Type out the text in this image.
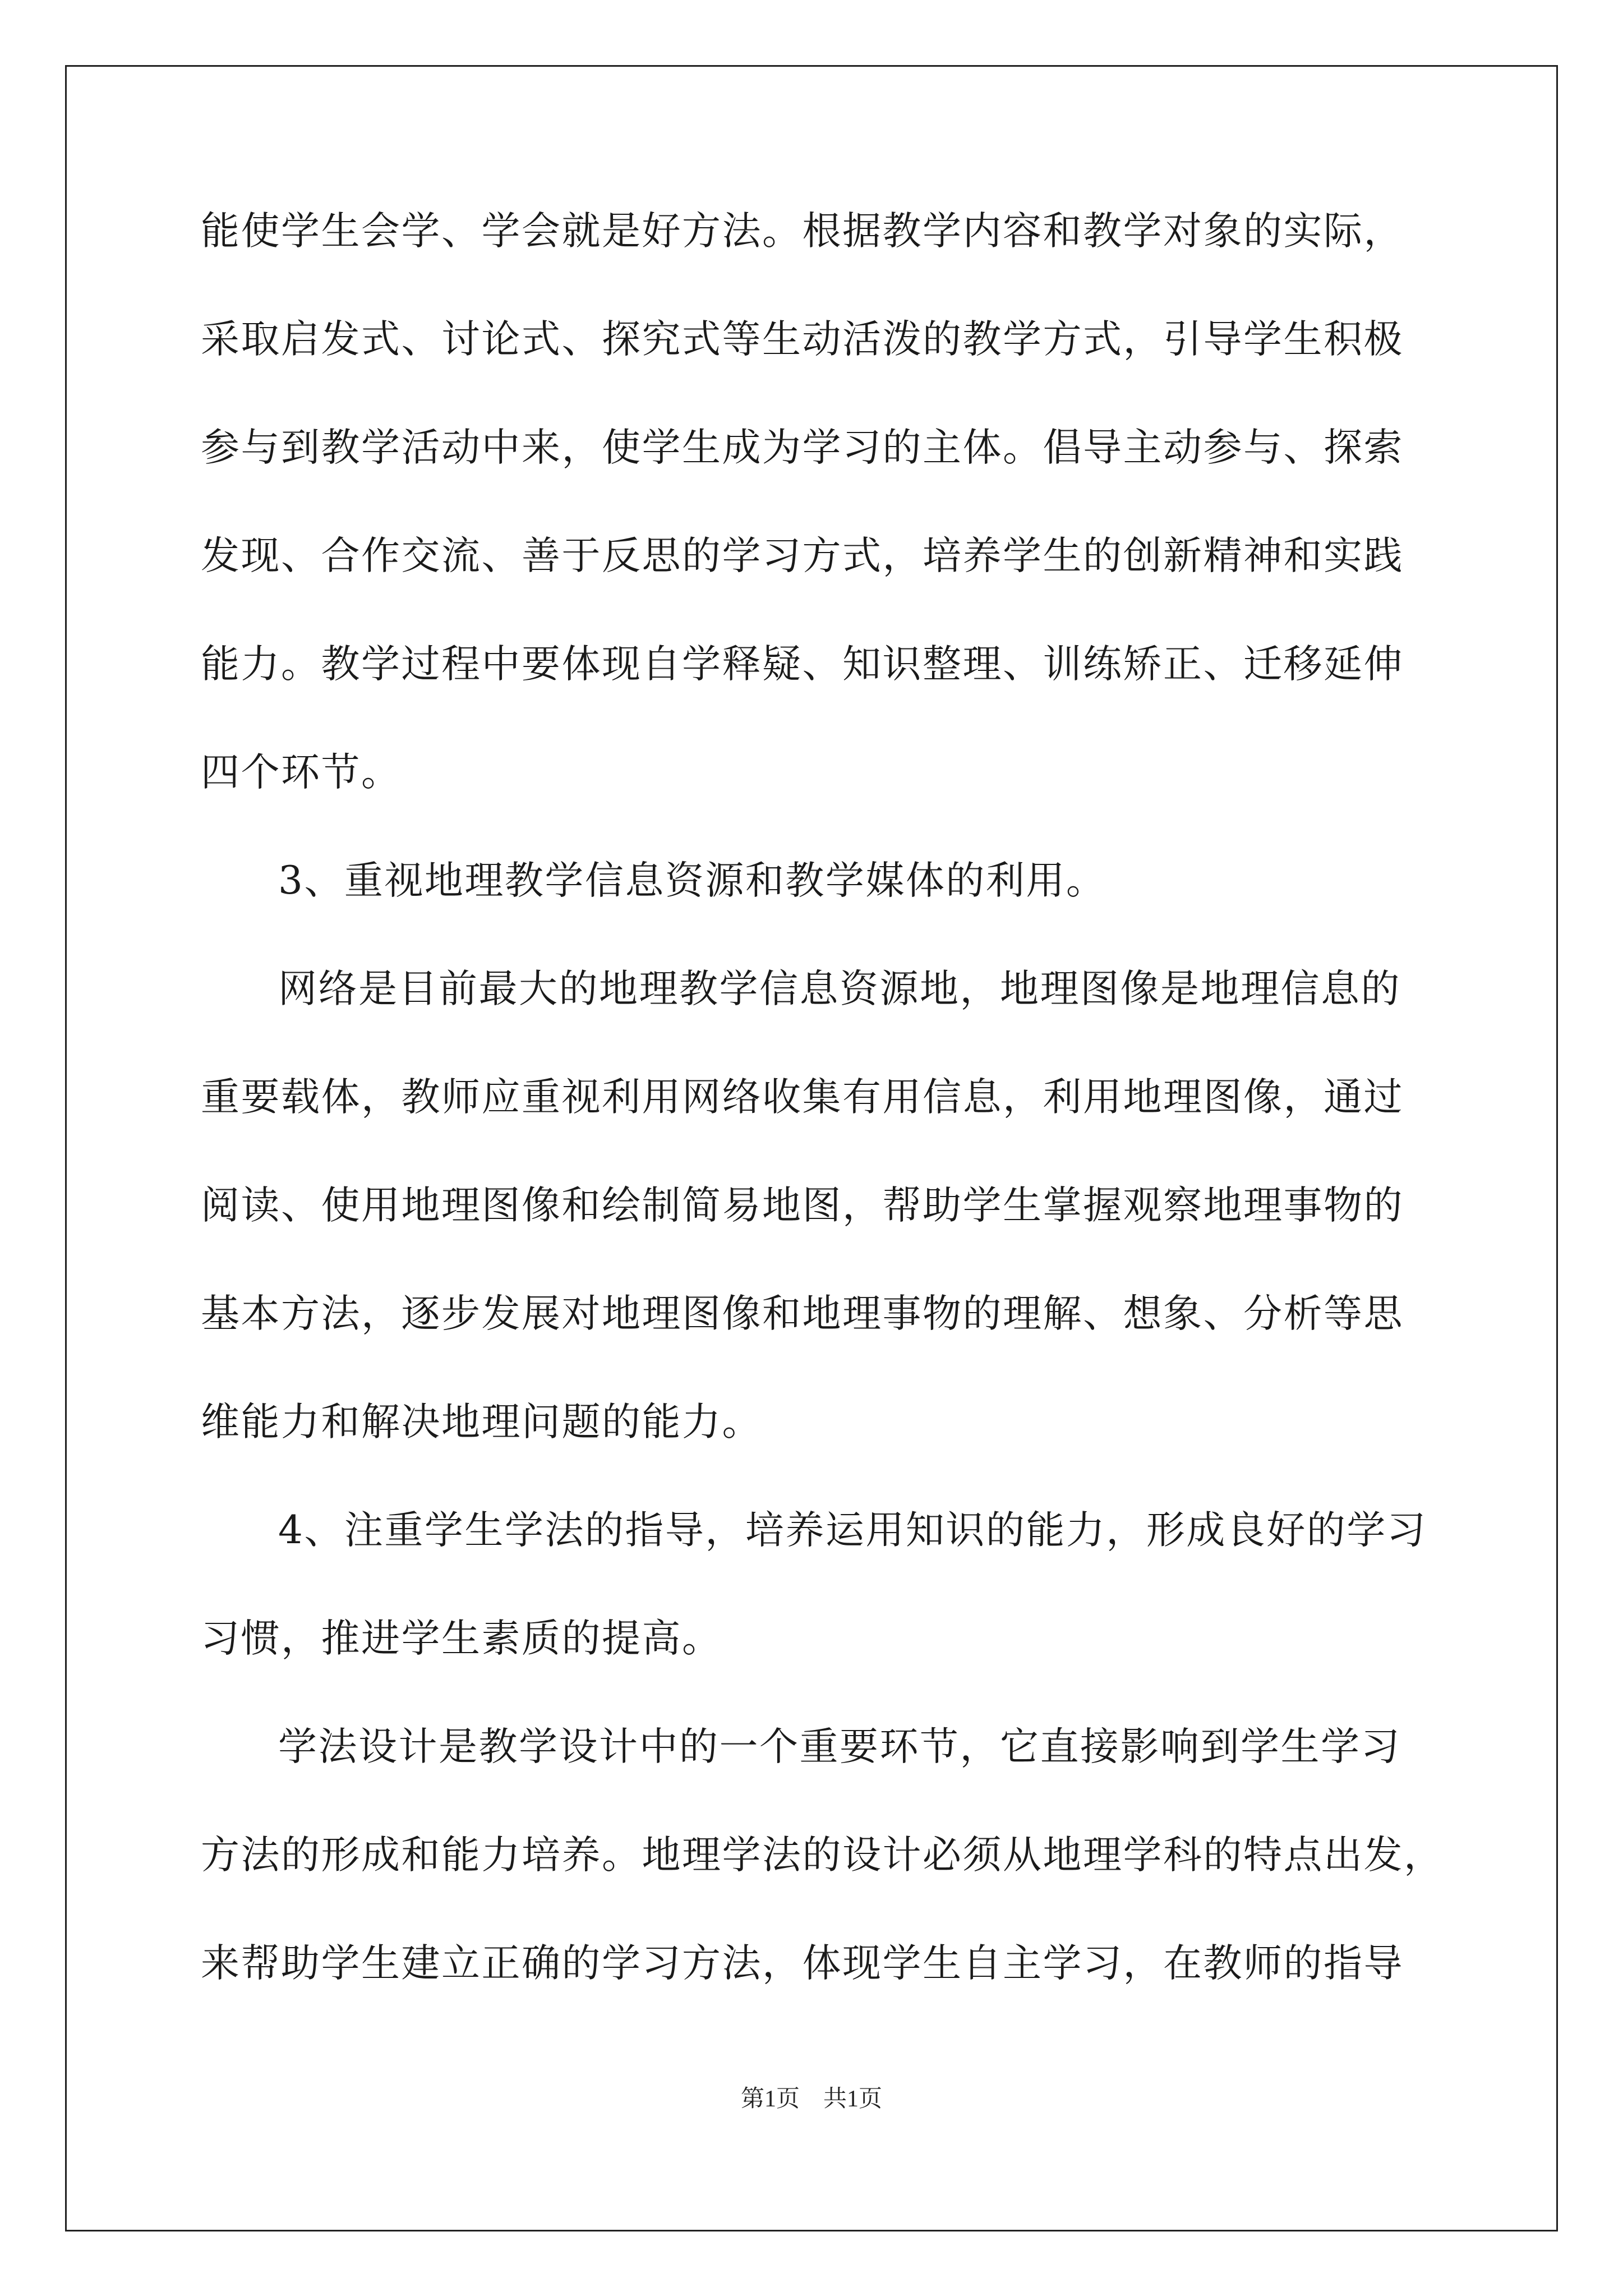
能使学生会学、学会就是好方法。根据教学内容和教学对象的实际，
采取启发式、讨论式、探究式等生动活泼的教学方式，引导学生积极
参与到教学活动中来，使学生成为学习的主体。倡导主动参与、探索
发现、合作交流、善于反思的学习方式，培养学生的创新精神和实践
能力。教学过程中要体现自学释疑、知识整理、训练矫正、迁移延伸
四个环节。
3、重视地理教学信息资源和教学媒体的利用。
网络是目前最大的地理教学信息资源地，地理图像是地理信息的
重要载体，教师应重视利用网络收集有用信息，利用地理图像，通过
阅读、使用地理图像和绘制简易地图，帮助学生掌握观察地理事物的
基本方法，逐步发展对地理图像和地理事物的理解、想象、分析等思
维能力和解决地理问题的能力。
4、注重学生学法的指导，培养运用知识的能力，形成良好的学习
习惯，推进学生素质的提高。
学法设计是教学设计中的一个重要环节，它直接影响到学生学习
方法的形成和能力培养。地理学法的设计必须从地理学科的特点出发，
来帮助学生建立正确的学习方法，体现学生自主学习，在教师的指导
第1页　共1页
